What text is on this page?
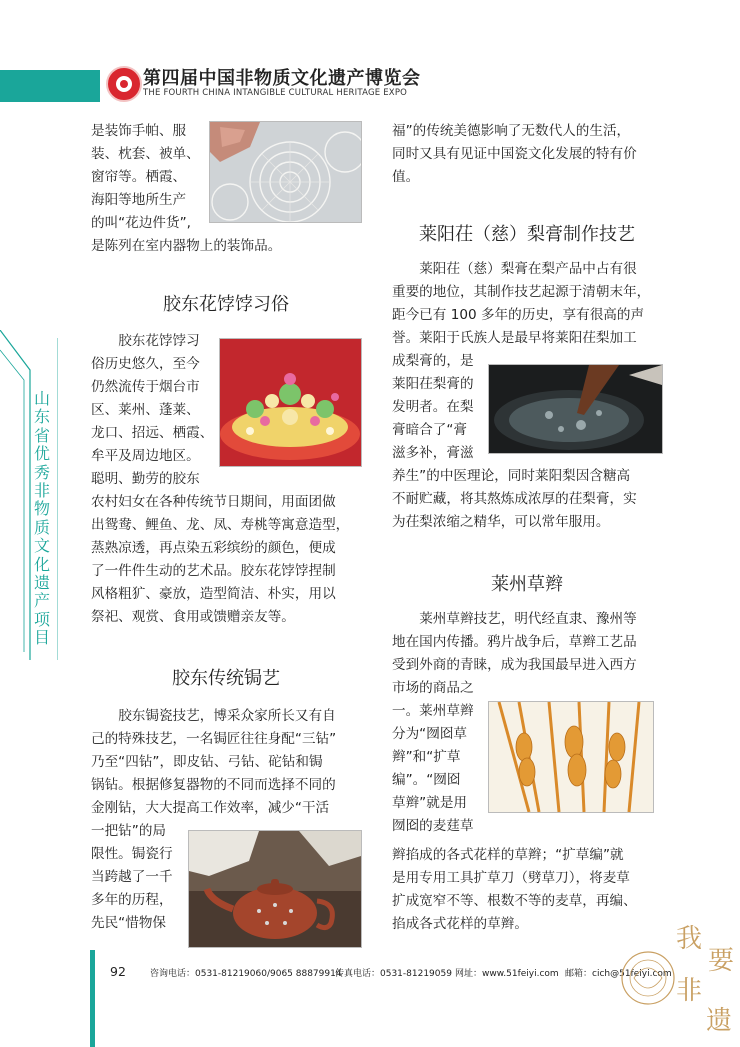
第四届中国非物质文化遗产博览会
THE FOURTH CHINA INTANGIBLE CULTURAL HERITAGE EXPO
山
东
省
优
秀
非
物
质
文
化
遗
产
项
目

是装饰手帕、服

装、枕套、被单、

窗帘等。栖霞、

海阳等地所生产

的叫“花边件货”,

是陈列在室内器物上的装饰品。

胶东花饽饽习俗

胶东花饽饽习

俗历史悠久，至今

仍然流传于烟台市

区、莱州、蓬莱、

龙口、招远、栖霞、

牟平及周边地区。

聪明、勤劳的胶东

农村妇女在各种传统节日期间，用面团做

出鸳鸯、鲤鱼、龙、凤、寿桃等寓意造型，

蒸熟凉透，再点染五彩缤纷的颜色，便成

了一件件生动的艺术品。胶东花饽饽捏制

风格粗犷、豪放，造型简洁、朴实，用以

祭祀、观赏、食用或馈赠亲友等。

胶东传统锔艺

胶东锔瓷技艺，博采众家所长又有自

己的特殊技艺，一名锔匠往往身配“三钻”

乃至“四钻”，即皮钻、弓钻、砣钻和锔

锅钻。根据修复器物的不同而选择不同的

金刚钻，大大提高工作效率，减少“干活

一把钻”的局

限性。锔瓷行

当跨越了一千

多年的历程，

先民“惜物保

福”的传统美德影响了无数代人的生活，

同时又具有见证中国瓷文化发展的特有价

值。

莱阳茌（慈）梨膏制作技艺

莱阳茌（慈）梨膏在梨产品中占有很

重要的地位，其制作技艺起源于清朝末年，

距今已有 100 多年的历史，享有很高的声

誉。莱阳于氏族人是最早将莱阳茌梨加工

成梨膏的，是

莱阳茌梨膏的

发明者。在梨

膏暗合了“膏

滋多补，膏滋

养生”的中医理论，同时莱阳梨因含糖高

不耐贮藏，将其熬炼成浓厚的茌梨膏，实

为茌梨浓缩之精华，可以常年服用。

莱州草辫

莱州草辫技艺，明代经直隶、豫州等

地在国内传播。鸦片战争后，草辫工艺品

受到外商的青睐，成为我国最早进入西方

市场的商品之

一。莱州草辫

分为“囫囵草

辫”和“扩草

编”。“囫囵

草辫”就是用

囫囵的麦莛草

辫掐成的各式花样的草辫；“扩草编”就

是用专用工具扩草刀（劈草刀），将麦草

扩成宽窄不等、根数不等的麦草，再编、

掐成各式花样的草辫。

92	咨询电话：0531-81219060/9065 88879914
传真电话：0531-81219059 网址：www.51feiyi.com 邮箱：cich@51feiyi.com
我
要
非
遗
